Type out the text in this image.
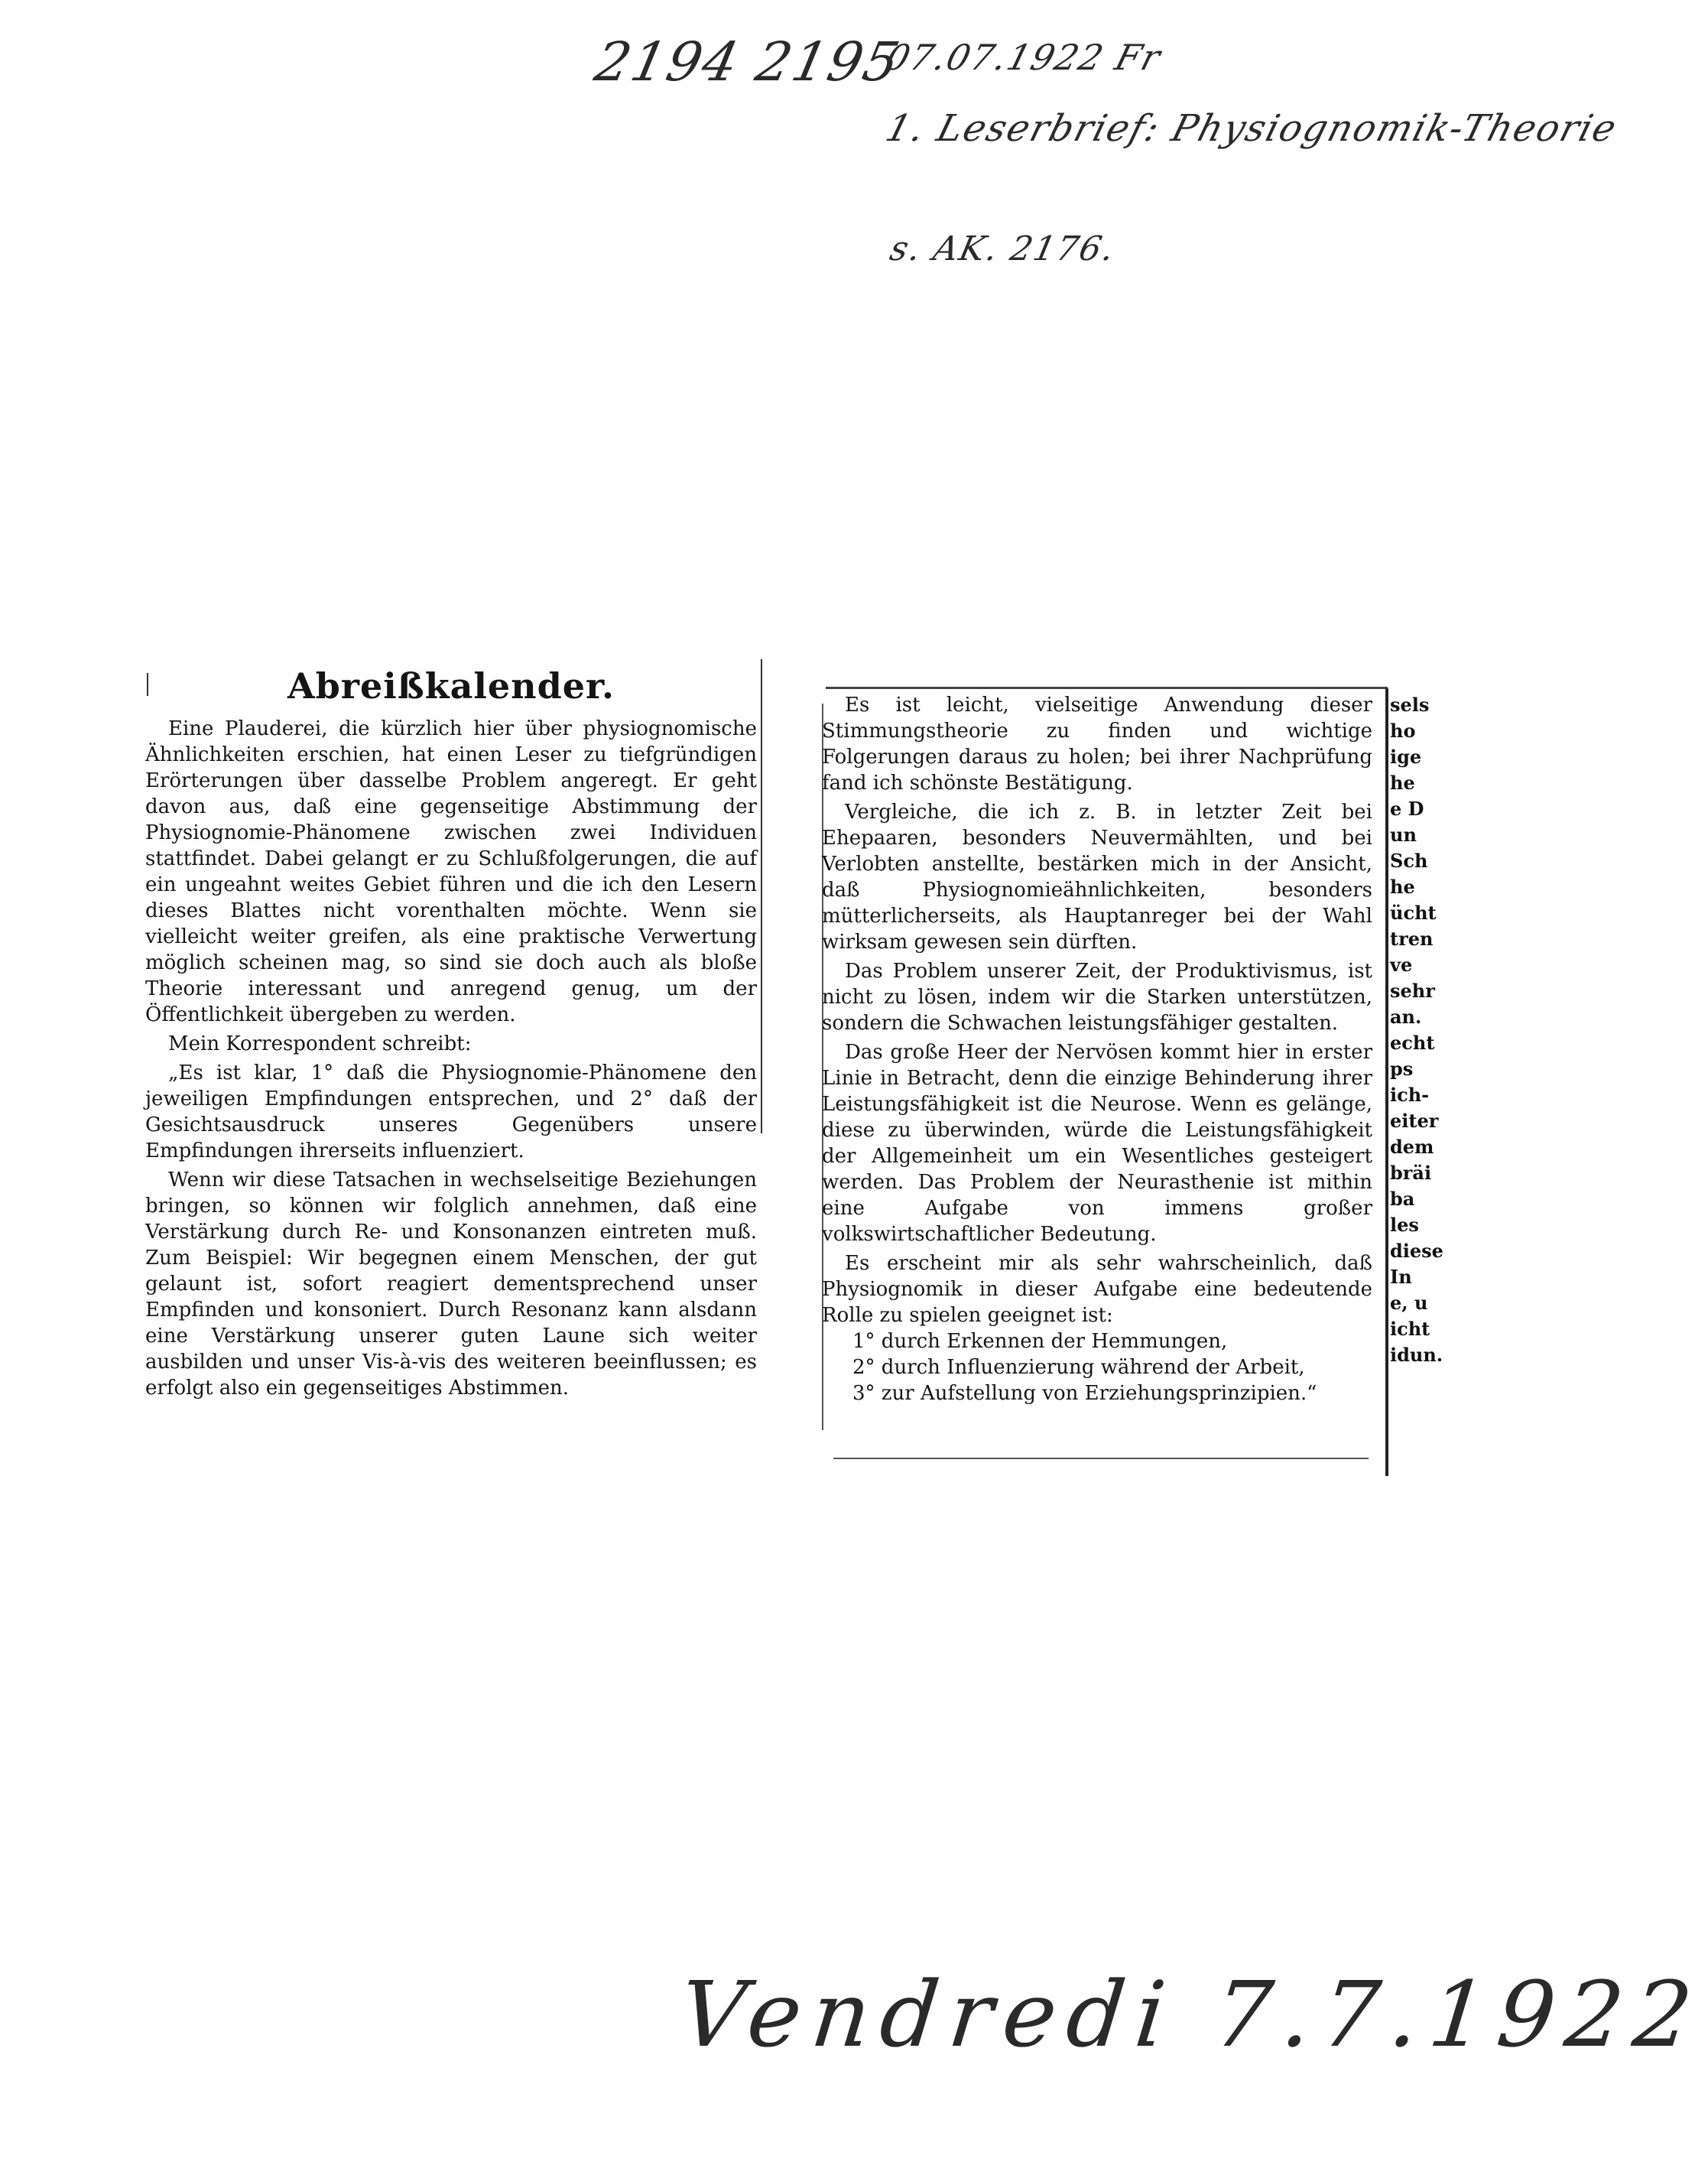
2194 2195
07.07.1922 Fr
1. Leserbrief: Physiognomik-Theorie
s. AK. 2176.
Abreißkalender.

Eine Plauderei, die kürzlich hier über physiognomische Ähnlichkeiten erschien, hat einen Leser zu tiefgründigen Erörterungen über dasselbe Problem angeregt. Er geht davon aus, daß eine gegenseitige Abstimmung der Physiognomie-Phänomene zwischen zwei Individuen stattfindet. Dabei gelangt er zu Schlußfolgerungen, die auf ein ungeahnt weites Gebiet führen und die ich den Lesern dieses Blattes nicht vorenthalten möchte. Wenn sie vielleicht weiter greifen, als eine praktische Verwertung möglich scheinen mag, so sind sie doch auch als bloße Theorie interessant und anregend genug, um der Öffentlichkeit übergeben zu werden.

Mein Korrespondent schreibt:

„Es ist klar, 1° daß die Physiognomie-Phänomene den jeweiligen Empfindungen entsprechen, und 2° daß der Gesichtsausdruck unseres Gegenübers unsere Empfindungen ihrerseits influenziert.

Wenn wir diese Tatsachen in wechselseitige Beziehungen bringen, so können wir folglich annehmen, daß eine Verstärkung durch Re- und Konsonanzen eintreten muß. Zum Beispiel: Wir begegnen einem Menschen, der gut gelaunt ist, sofort reagiert dementsprechend unser Empfinden und konsoniert. Durch Resonanz kann alsdann eine Verstärkung unserer guten Laune sich weiter ausbilden und unser Vis-à-vis des weiteren beeinflussen; es erfolgt also ein gegenseitiges Abstimmen.

Es ist leicht, vielseitige Anwendung dieser Stimmungstheorie zu finden und wichtige Folgerungen daraus zu holen; bei ihrer Nachprüfung fand ich schönste Bestätigung.

Vergleiche, die ich z. B. in letzter Zeit bei Ehepaaren, besonders Neuvermählten, und bei Verlobten anstellte, bestärken mich in der Ansicht, daß Physiognomieähnlichkeiten, besonders mütterlicherseits, als Hauptanreger bei der Wahl wirksam gewesen sein dürften.

Das Problem unserer Zeit, der Produktivismus, ist nicht zu lösen, indem wir die Starken unterstützen, sondern die Schwachen leistungsfähiger gestalten.

Das große Heer der Nervösen kommt hier in erster Linie in Betracht, denn die einzige Behinderung ihrer Leistungsfähigkeit ist die Neurose. Wenn es gelänge, diese zu überwinden, würde die Leistungsfähigkeit der Allgemeinheit um ein Wesentliches gesteigert werden. Das Problem der Neurasthenie ist mithin eine Aufgabe von immens großer volkswirtschaftlicher Bedeutung.

Es erscheint mir als sehr wahrscheinlich, daß Physiognomik in dieser Aufgabe eine bedeutende Rolle zu spielen geeignet ist:

1° durch Erkennen der Hemmungen,

2° durch Influenzierung während der Arbeit,

3° zur Aufstellung von Erziehungsprinzipien.“

sels
ho
ige
he
e D
un
Sch
he
ücht
tren
ve
sehr
an.
echt
ps
ich-
eiter
dem
bräi
ba
les
diese
In
e, u
icht
idun.
Vendredi 7.7.1922
